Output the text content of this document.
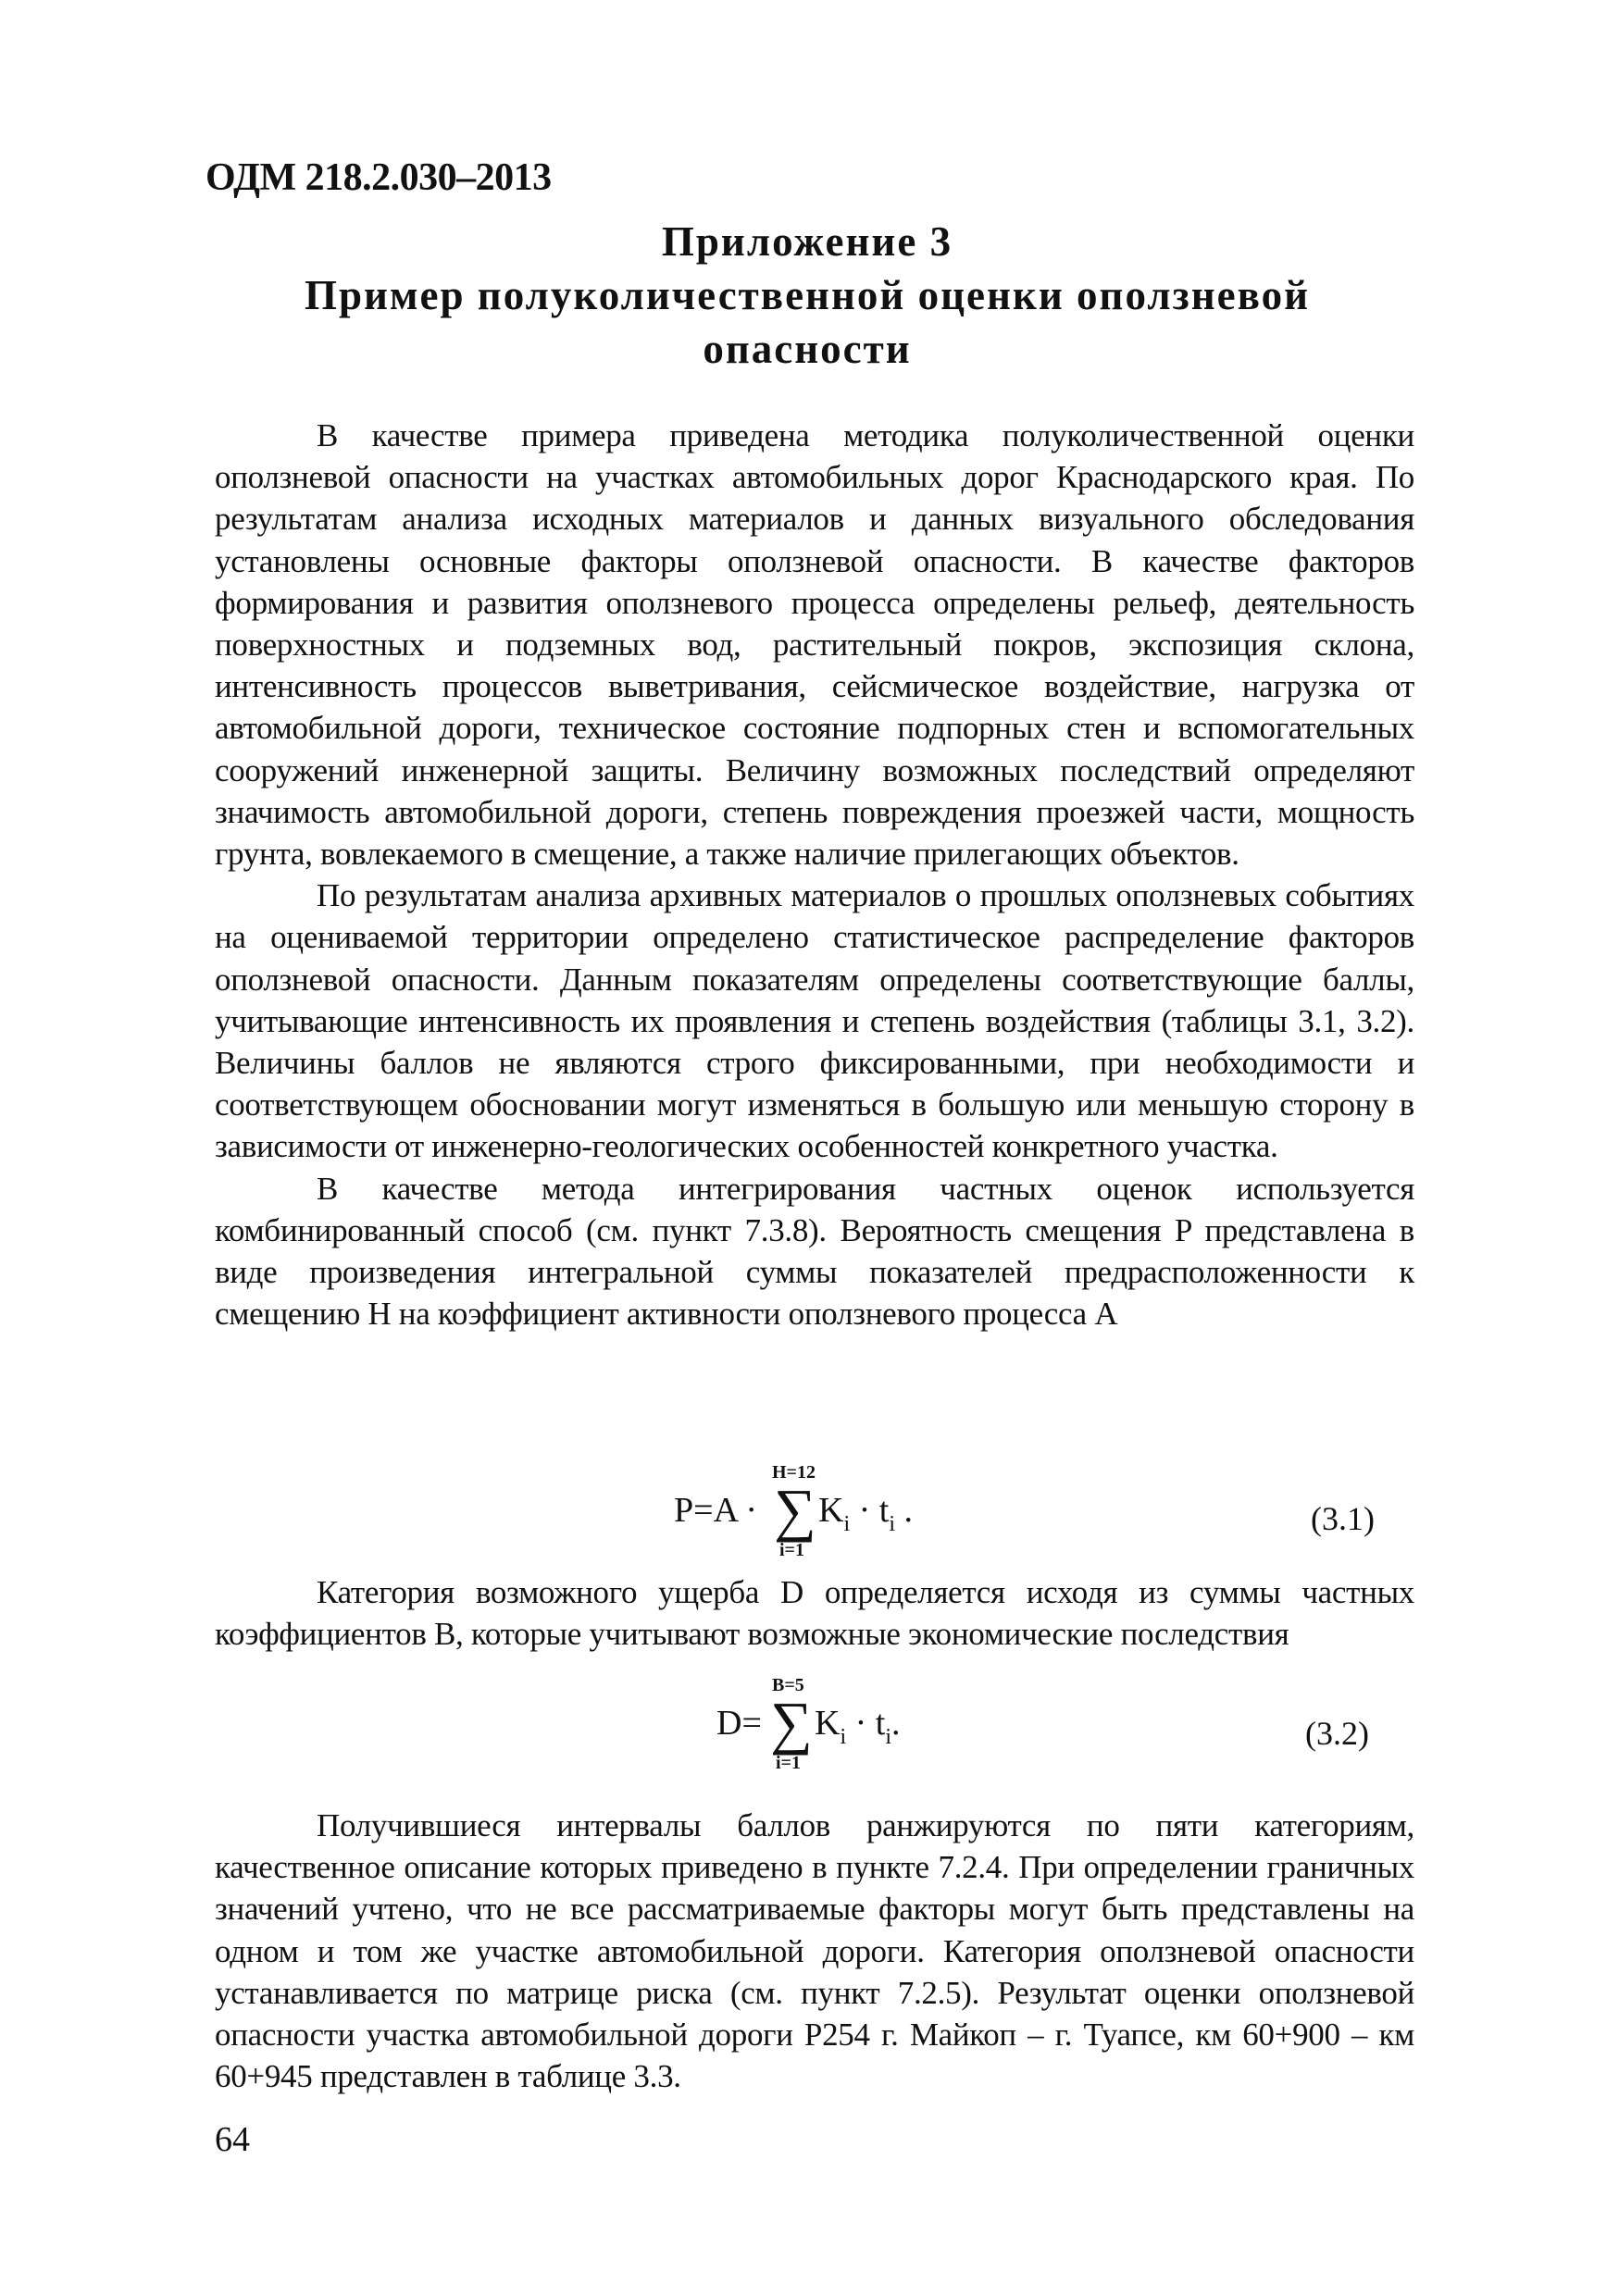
ОДМ 218.2.030–2013
Приложение 3
Пример полуколичественной оценки оползневой
опасности

В качестве примера приведена методика полуколичественной оценки оползневой опасности на участках автомобильных дорог Краснодарского края. По результатам анализа исходных материалов и данных визуального обследования установлены основные факторы оползневой опасности. В качестве факторов формирования и развития оползневого процесса определены рельеф, деятельность поверхностных и подземных вод, растительный покров, экспозиция склона, интенсивность процессов выветривания, сейсмическое воздействие, нагрузка от автомобильной дороги, техническое состояние подпорных стен и вспомогательных сооружений инженерной защиты. Величину возможных последствий определяют значимость автомобильной дороги, степень повреждения проезжей части, мощность грунта, вовлекаемого в смещение, а также наличие прилегающих объектов.

По результатам анализа архивных материалов о прошлых оползневых событиях на оцениваемой территории определено статистическое распределение факторов оползневой опасности. Данным показателям определены соответствующие баллы, учитывающие интенсивность их проявления и степень воздействия (таблицы 3.1, 3.2). Величины баллов не являются строго фиксированными, при необходимости и соответствующем обосновании могут изменяться в большую или меньшую сторону в зависимости от инженерно-геологических особенностей конкретного участка.

В качестве метода интегрирования частных оценок используется комбинированный способ (см. пункт 7.3.8). Вероятность смещения P представлена в виде произведения интегральной суммы показателей предрасположенности к смещению H на коэффициент активности оползневого процесса A

P=A ·
H=12
∑
i=1
$K_i \cdot t_i$ .	(3.1)

Категория возможного ущерба D определяется исходя из суммы частных коэффициентов B, которые учитывают возможные экономические последствия

D=
B=5
∑
i=1
$K_i \cdot t_i$.	(3.2)

Получившиеся интервалы баллов ранжируются по пяти категориям, качественное описание которых приведено в пункте 7.2.4. При определении граничных значений учтено, что не все рассматриваемые факторы могут быть представлены на одном и том же участке автомобильной дороги. Категория оползневой опасности устанавливается по матрице риска (см. пункт 7.2.5). Результат оценки оползневой опасности участка автомобильной дороги Р254 г. Майкоп – г. Туапсе, км 60+900 – км 60+945 представлен в таблице 3.3.

64
